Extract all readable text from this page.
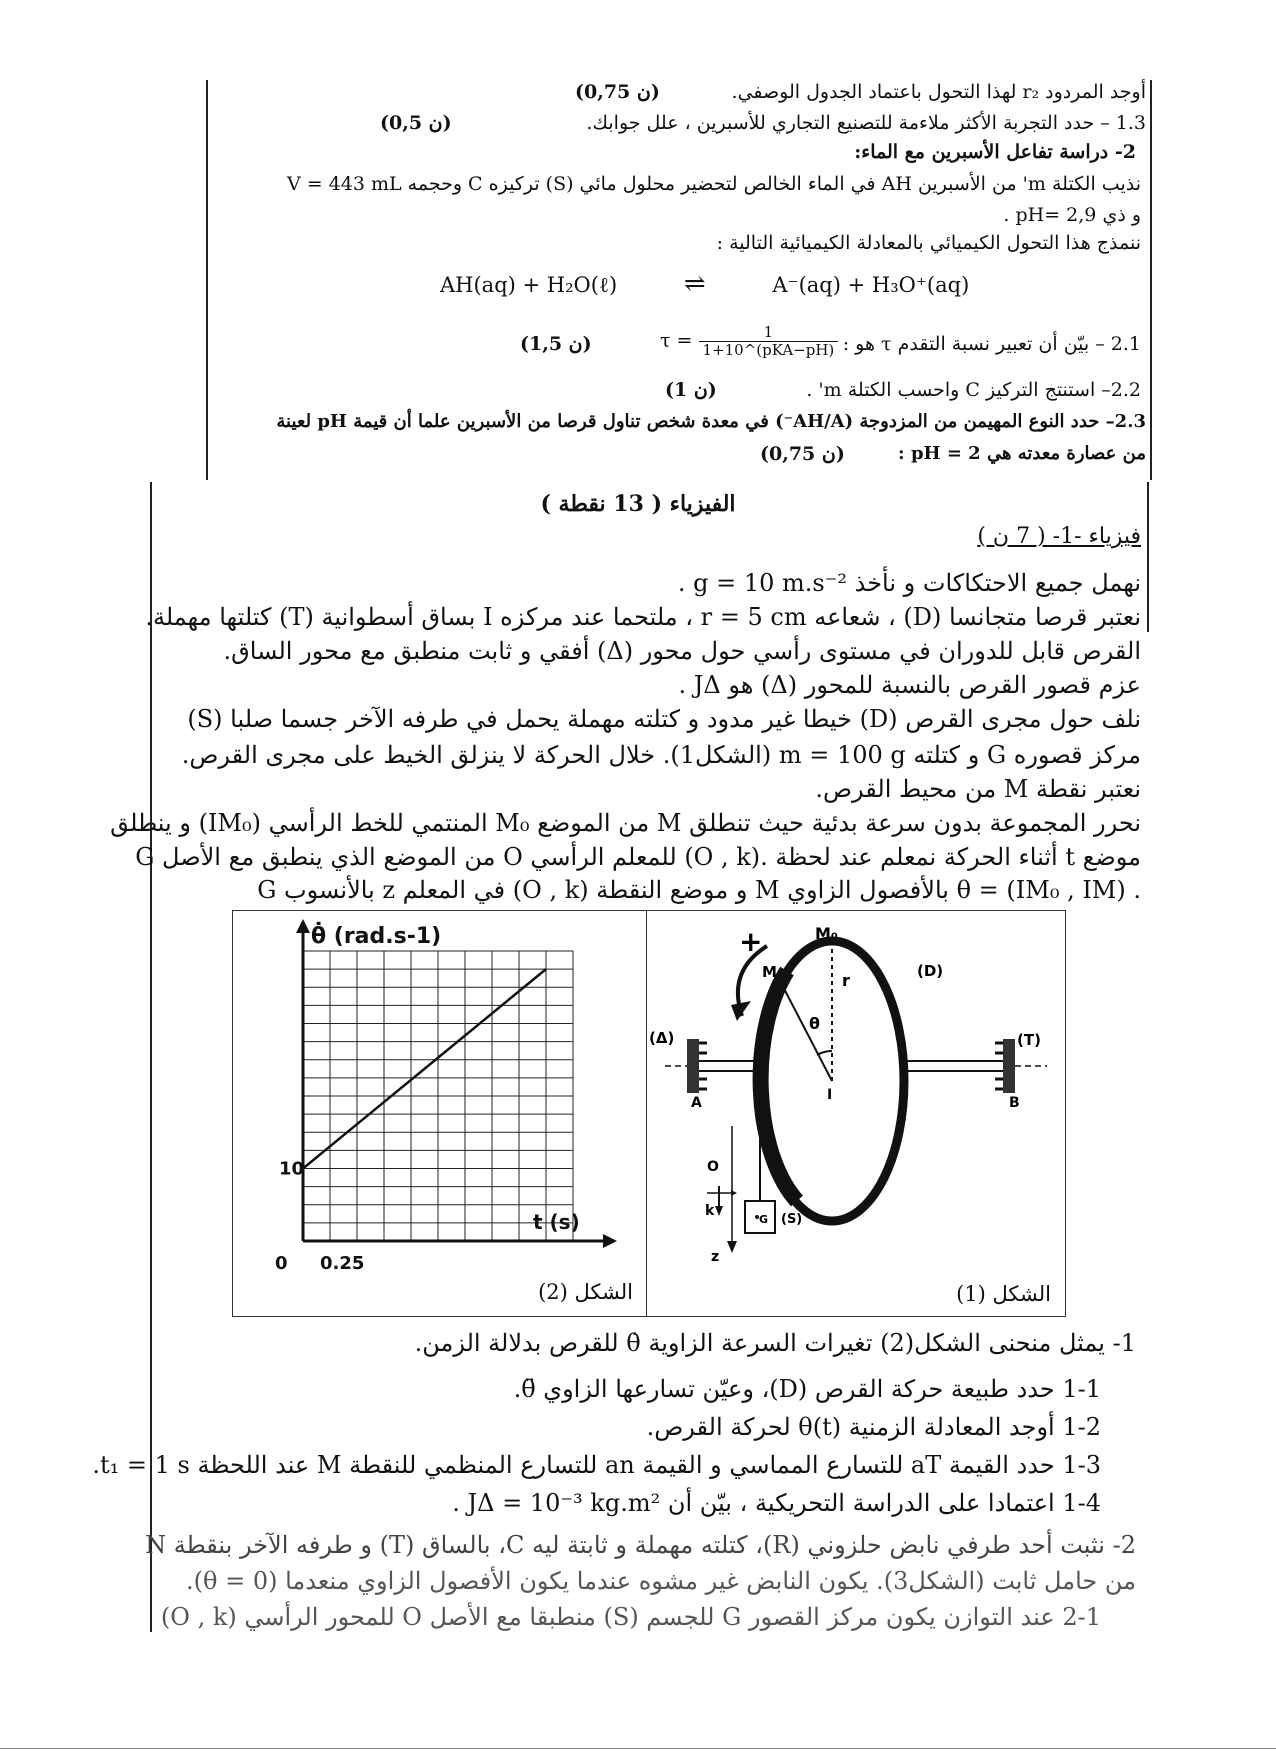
أوجد المردود r₂ لهذا التحول باعتماد الجدول الوصفي.
(0,75 ن)
1.3 – حدد التجربة الأكثر ملاءمة للتصنيع التجاري للأسبرين ، علل جوابك.
(0,5 ن)
2- دراسة تفاعل الأسبرين مع الماء:
نذيب الكتلة m' من الأسبرين AH في الماء الخالص لتحضير محلول مائي (S) تركيزه C وحجمه V = 443 mL
و ذي pH= 2,9 .
ننمذج هذا التحول الكيميائي بالمعادلة الكيميائية التالية :
AH(aq) + H₂O(ℓ)	⇌	A⁻(aq) + H₃O⁺(aq)
2.1 – بيّن أن تعبير نسبة التقدم τ هو :
τ =	1
1+10^(pKA−pH)
(1,5 ن)
2.2– استنتج التركيز C واحسب الكتلة m' .
(1 ن)
2.3– حدد النوع المهيمن من المزدوجة (AH/A⁻) في معدة شخص تناول قرصا من الأسبرين علما أن قيمة pH لعينة
من عصارة معدته هي pH = 2 :
(0,75 ن)
الفيزياء ( 13 نقطة )
فيزياء -1- ( 7 ن )
نهمل جميع الاحتكاكات و نأخذ g = 10 m.s⁻² .
نعتبر قرصا متجانسا (D) ، شعاعه r = 5 cm ، ملتحما عند مركزه I بساق أسطوانية (T) كتلتها مهملة.
القرص قابل للدوران في مستوى رأسي حول محور (Δ) أفقي و ثابت منطبق مع محور الساق.
عزم قصور القرص بالنسبة للمحور (Δ) هو JΔ .
نلف حول مجرى القرص (D) خيطا غير مدود و كتلته مهملة يحمل في طرفه الآخر جسما صلبا (S)
مركز قصوره G و كتلته m = 100 g (الشكل1). خلال الحركة لا ينزلق الخيط على مجرى القرص.
نعتبر نقطة M من محيط القرص.
نحرر المجموعة بدون سرعة بدئية حيث تنطلق M من الموضع M₀ المنتمي للخط الرأسي (IM₀) و ينطلق
G من الموضع الذي ينطبق مع الأصل O للمعلم الرأسي (O , k). أثناء الحركة نمعلم عند لحظة t موضع
G بالأنسوب z في المعلم (O , k) و موضع النقطة M بالأفصول الزاوي θ = (IM₀ , IM) .
θ̇ (rad.s-1)
t (s)
0 0.25
10
الشكل (2)
+	M₀
M	(D)
r
θ
I
(Δ)	(T)
A	B
O
k
z
G (S)
الشكل (1)
1- يمثل منحنى الشكل(2) تغيرات السرعة الزاوية θ̇ للقرص بدلالة الزمن.
1-1 حدد طبيعة حركة القرص (D)، وعيّن تسارعها الزاوي θ̈.
1-2 أوجد المعادلة الزمنية θ(t) لحركة القرص.
1-3 حدد القيمة aT للتسارع المماسي و القيمة an للتسارع المنظمي للنقطة M عند اللحظة t₁ = 1 s.
1-4 اعتمادا على الدراسة التحريكية ، بيّن أن JΔ = 10⁻³ kg.m² .
2- نثبت أحد طرفي نابض حلزوني (R)، كتلته مهملة و ثابتة ليه C، بالساق (T) و طرفه الآخر بنقطة N
من حامل ثابت (الشكل3). يكون النابض غير مشوه عندما يكون الأفصول الزاوي منعدما (θ = 0).
2-1 عند التوازن يكون مركز القصور G للجسم (S) منطبقا مع الأصل O للمحور الرأسي (O , k)
